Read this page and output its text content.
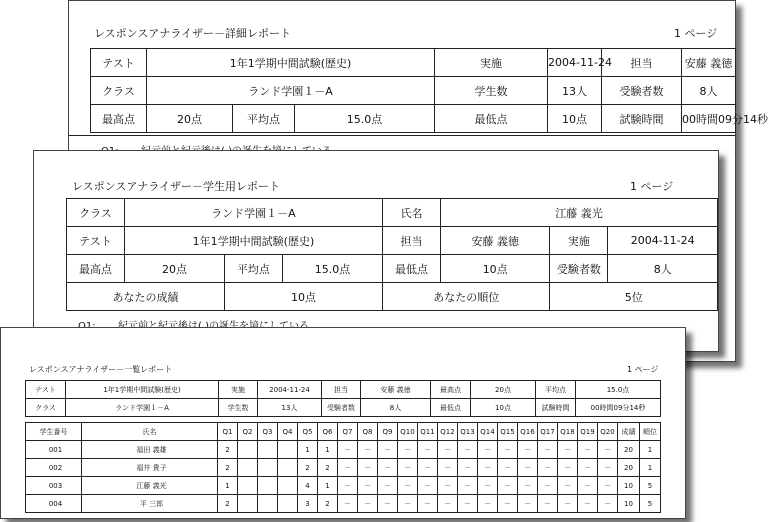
レスポンスアナライザー－詳細レポート	1 ページ
テスト	1年1学期中間試験(歴史)			実施	2004-11-24	担当	安藤 義徳
クラス	ランド学園１－A			学生数	13人	受験者数	8人
最高点	20点	平均点	15.0点	最低点	10点	試験時間	00時間09分14秒
レスポンスアナライザー－学生用レポート	1 ページ
クラス	ランド学園１－A			氏名	江藤 義光		
テスト	1年1学期中間試験(歴史)			担当	安藤 義徳	実施	2004-11-24
最高点	20点	平均点	15.0点	最低点	10点	受験者数	8人
あなたの成績		10点		あなたの順位		5位	
レスポンスアナライザー－一覧レポート	1 ページ
テスト	1年1学期中間試験(歴史)	実施	2004-11-24	担当	安藤 義徳	最高点	20点	平均点	15.0点
クラス	ランド学園１－A	学生数	13人	受験者数	8人	最低点	10点	試験時間	00時間09分14秒
学生番号	氏名	Q1	Q2	Q3	Q4	Q5	Q6	Q7	Q8	Q9	Q10	Q11	Q12	Q13	Q14	Q15	Q16	Q17	Q18	Q19	Q20	成績	順位
001	福田 義雄	2				1	1	－	－	－	－	－	－	－	－	－	－	－	－	－	－	20	1
002	福井 貴子	2				2	2	－	－	－	－	－	－	－	－	－	－	－	－	－	－	20	1
003	江藤 義光	1				4	1	－	－	－	－	－	－	－	－	－	－	－	－	－	－	10	5
004	平 三郎	2				3	2	－	－	－	－	－	－	－	－	－	－	－	－	－	－	10	5
